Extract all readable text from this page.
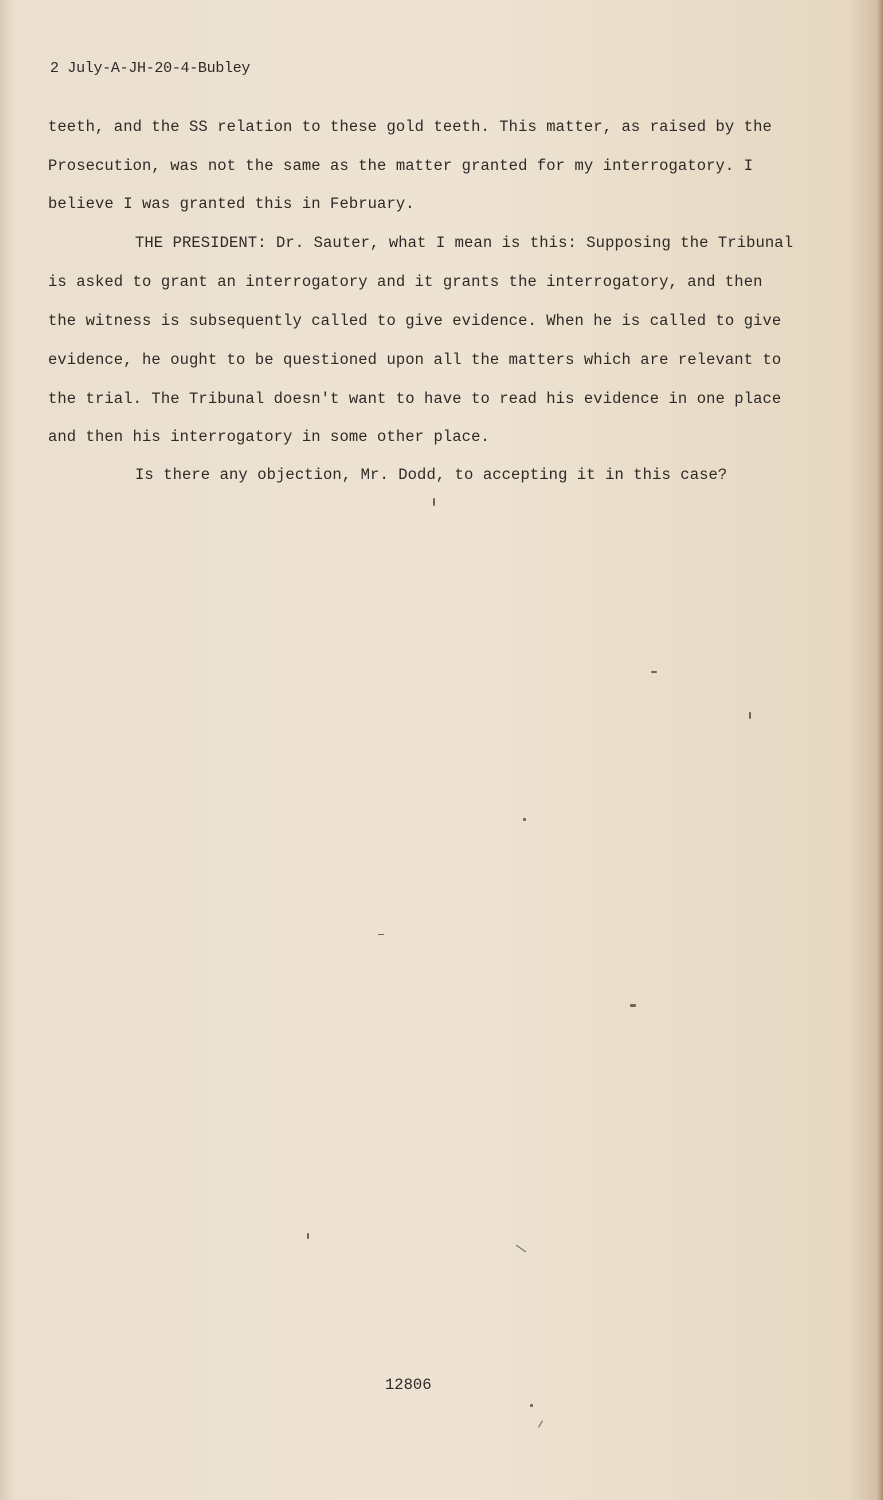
2 July-A-JH-20-4-Bubley
teeth, and the SS relation to these gold teeth. This matter, as raised by the
Prosecution, was not the same as the matter granted for my interrogatory. I
believe I was granted this in February.
THE PRESIDENT: Dr. Sauter, what I mean is this: Supposing the Tribunal
is asked to grant an interrogatory and it grants the interrogatory, and then
the witness is subsequently called to give evidence. When he is called to give
evidence, he ought to be questioned upon all the matters which are relevant to
the trial. The Tribunal doesn't want to have to read his evidence in one place
and then his interrogatory in some other place.
Is there any objection, Mr. Dodd, to accepting it in this case?
12806
